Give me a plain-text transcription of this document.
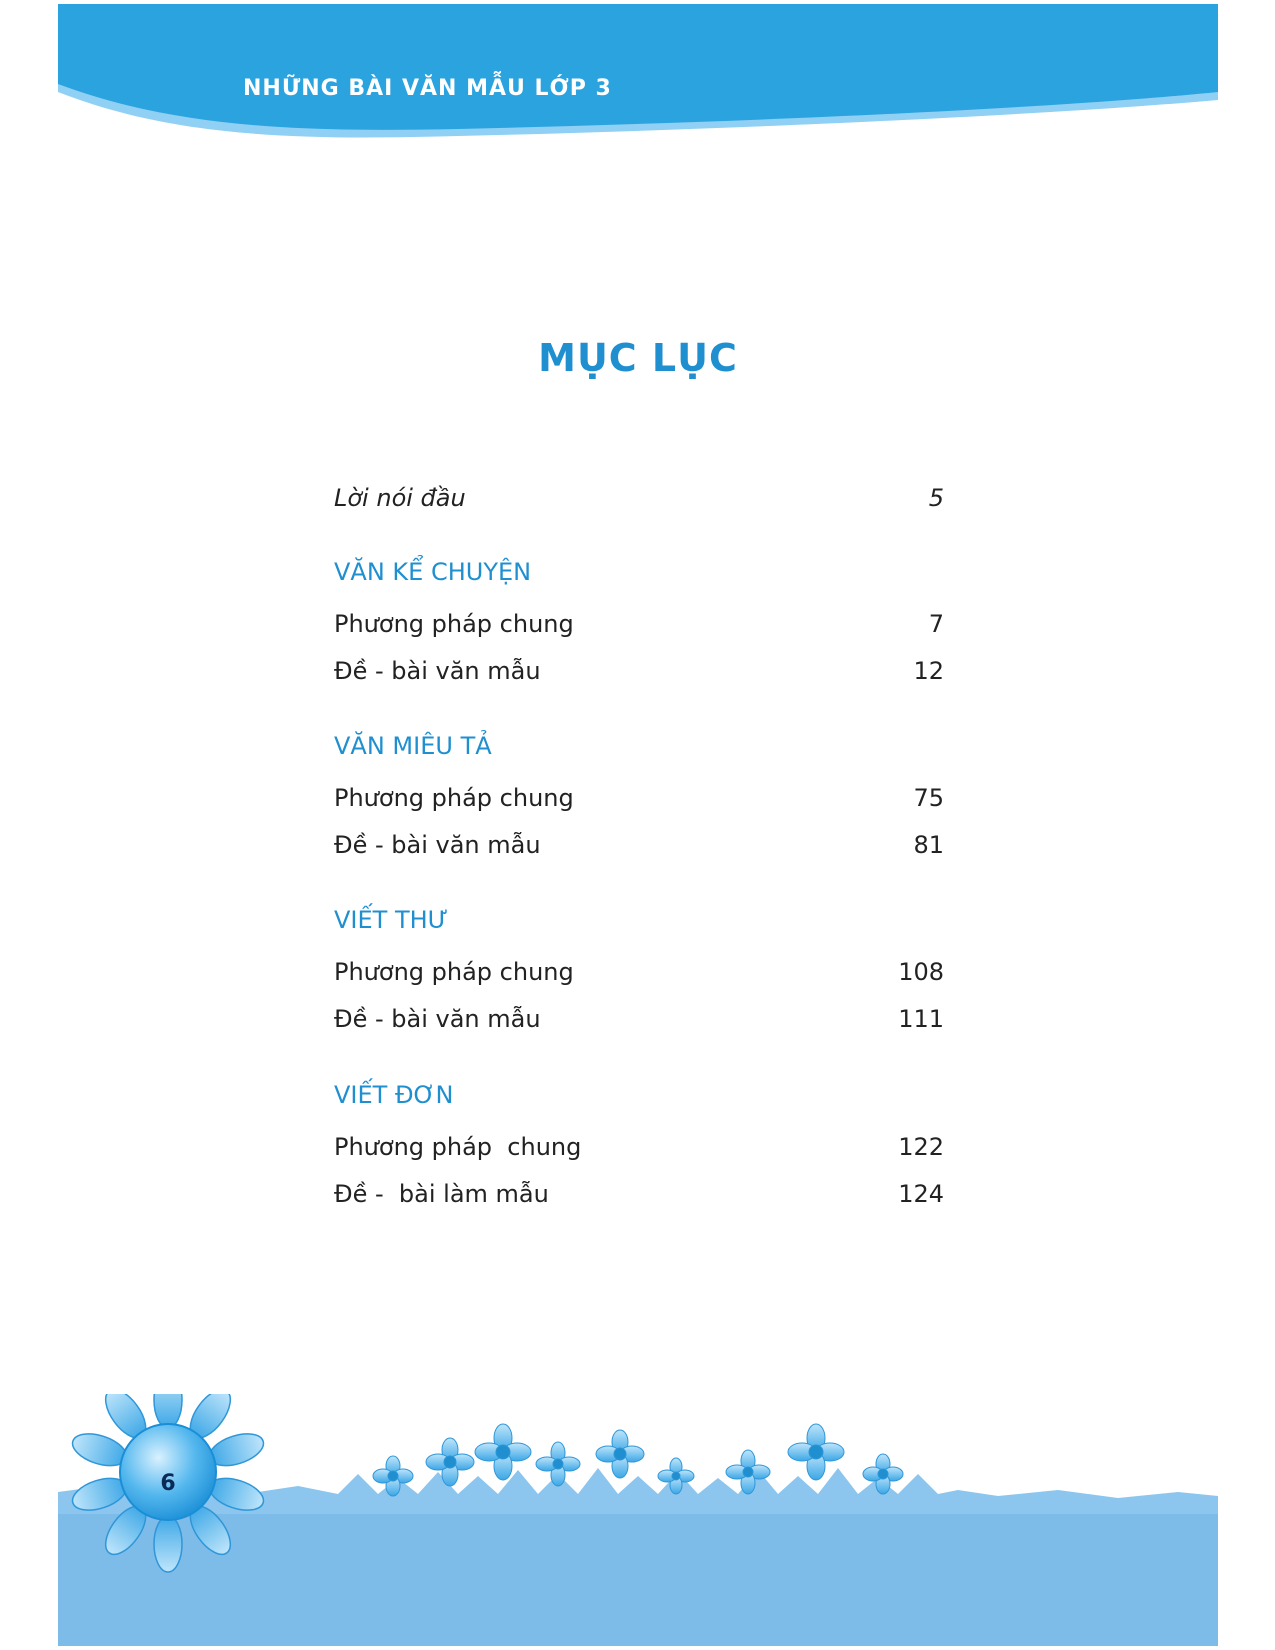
NHỮNG BÀI VĂN MẪU LỚP 3
MỤC LỤC
Lời nói đầu	5
VĂN KỂ CHUYỆN
Phương pháp chung	7
Đề - bài văn mẫu	12
VĂN MIÊU TẢ
Phương pháp chung	75
Đề - bài văn mẫu	81
VIẾT THƯ
Phương pháp chung	108
Đề - bài văn mẫu	111
VIẾT ĐƠN
Phương pháp  chung	122
Đề -  bài làm mẫu	124
6
